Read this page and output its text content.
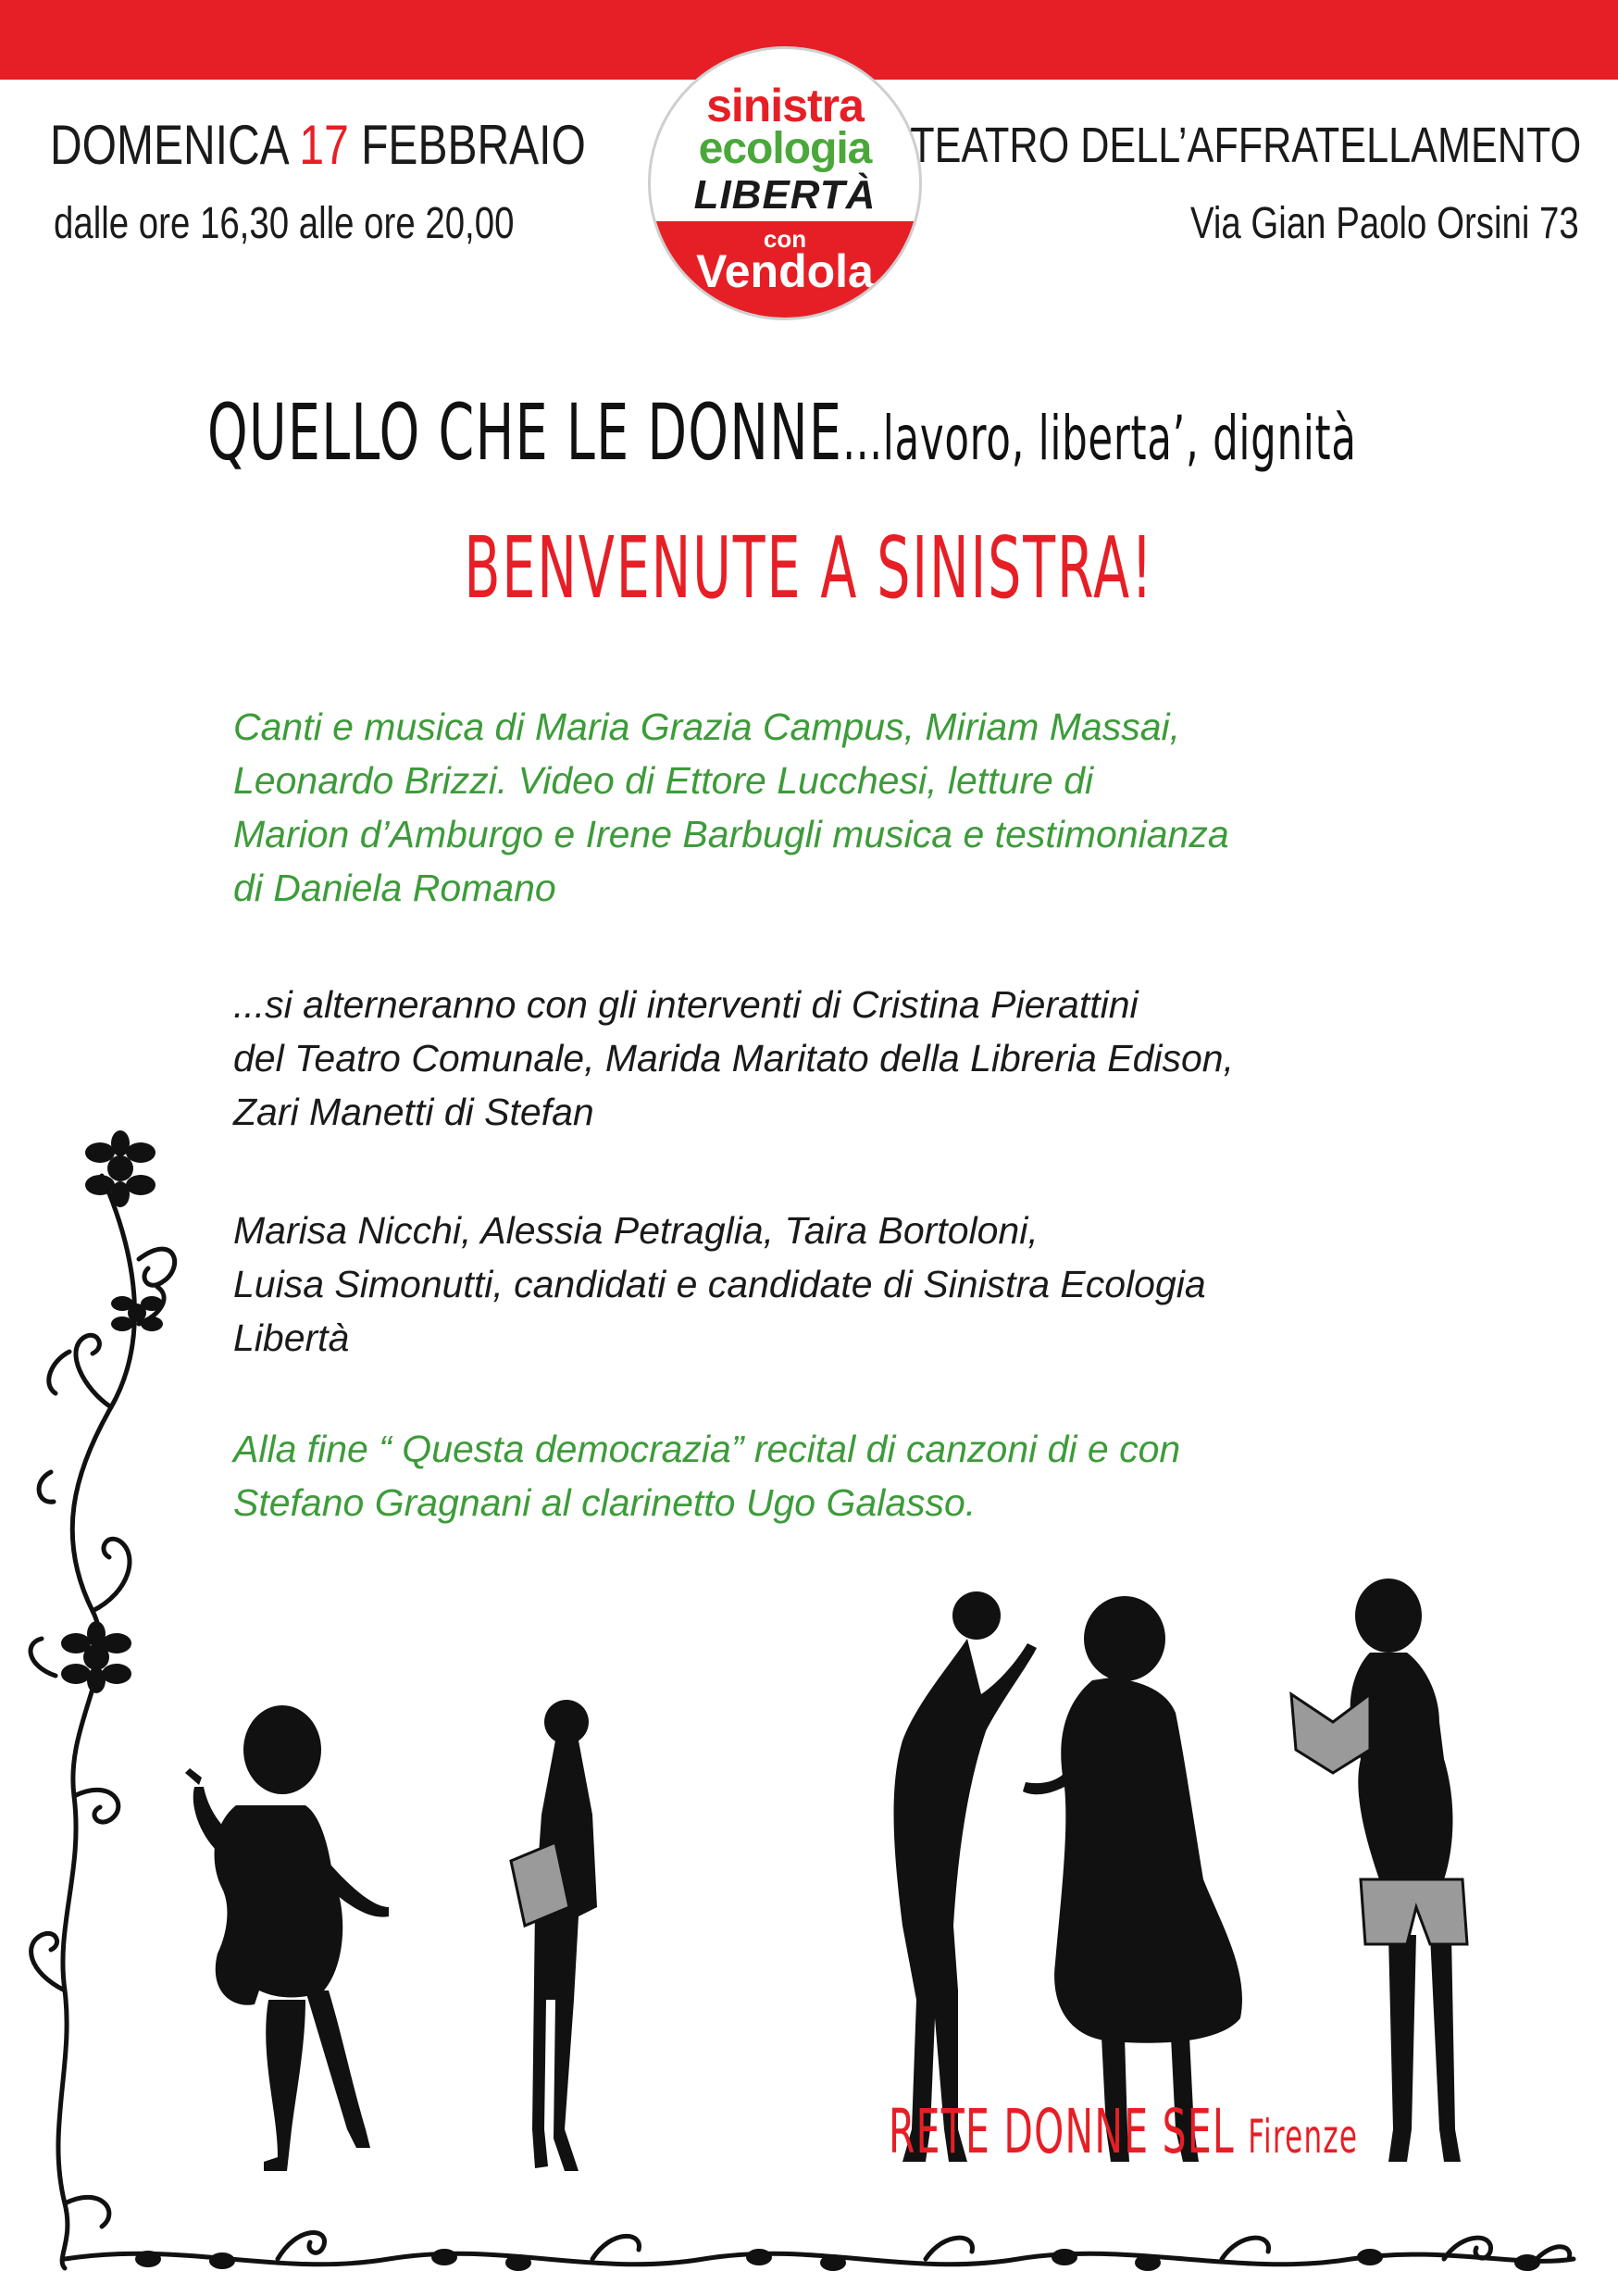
sinistra
ecologia
LIBERTÀ
con
Vendola
DOMENICA 17 FEBBRAIO
dalle ore 16,30 alle ore 20,00
TEATRO DELL’AFFRATELLAMENTO
Via Gian Paolo Orsini 73
QUELLO CHE LE DONNE...lavoro, liberta’, dignità
BENVENUTE A SINISTRA!
Canti e musica di Maria Grazia Campus, Miriam Massai,
Leonardo Brizzi. Video di Ettore Lucchesi, letture di
Marion d’Amburgo e Irene Barbugli musica e testimonianza
di Daniela Romano
...si alterneranno con gli interventi di Cristina Pierattini
del Teatro Comunale, Marida Maritato della Libreria Edison,
Zari Manetti di Stefan
Marisa Nicchi, Alessia Petraglia, Taira Bortoloni,
Luisa Simonutti, candidati e candidate di Sinistra Ecologia
Libertà
Alla fine “ Questa democrazia” recital di canzoni di e con
Stefano Gragnani al clarinetto Ugo Galasso.
RETE DONNE SEL Firenze
